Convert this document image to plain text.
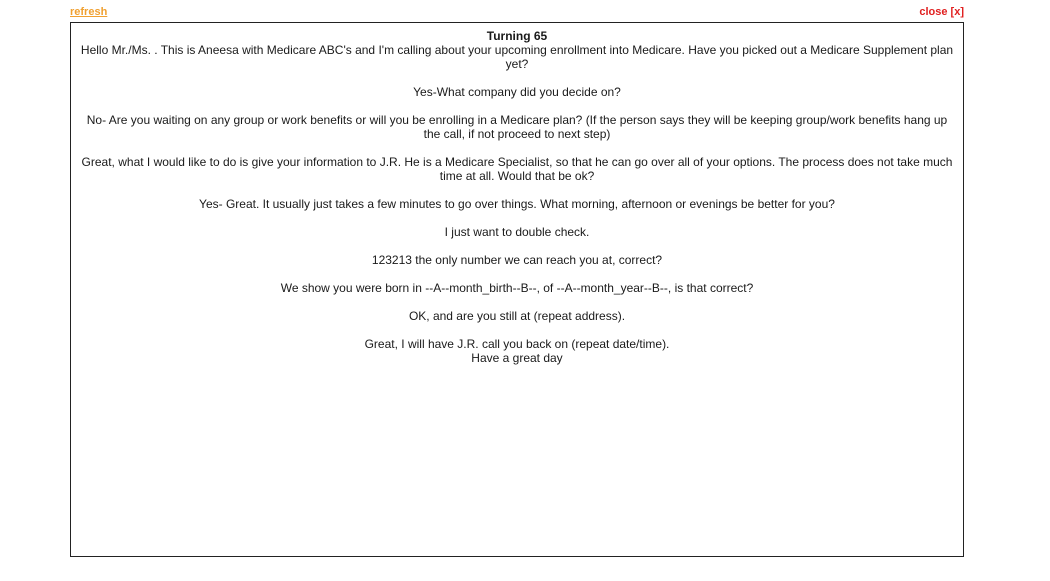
refresh	close [x]

Turning 65

Hello Mr./Ms. . This is Aneesa with Medicare ABC's and I'm calling about your upcoming enrollment into Medicare. Have you picked out a Medicare Supplement plan yet?

Yes-What company did you decide on?

No- Are you waiting on any group or work benefits or will you be enrolling in a Medicare plan? (If the person says they will be keeping group/work benefits hang up the call, if not proceed to next step)

Great, what I would like to do is give your information to J.R. He is a Medicare Specialist, so that he can go over all of your options. The process does not take much time at all. Would that be ok?

Yes- Great. It usually just takes a few minutes to go over things. What morning, afternoon or evenings be better for you?

I just want to double check.

123213 the only number we can reach you at, correct?

We show you were born in --A--month_birth--B--, of --A--month_year--B--, is that correct?

OK, and are you still at (repeat address).

Great, I will have J.R. call you back on (repeat date/time).

Have a great day
